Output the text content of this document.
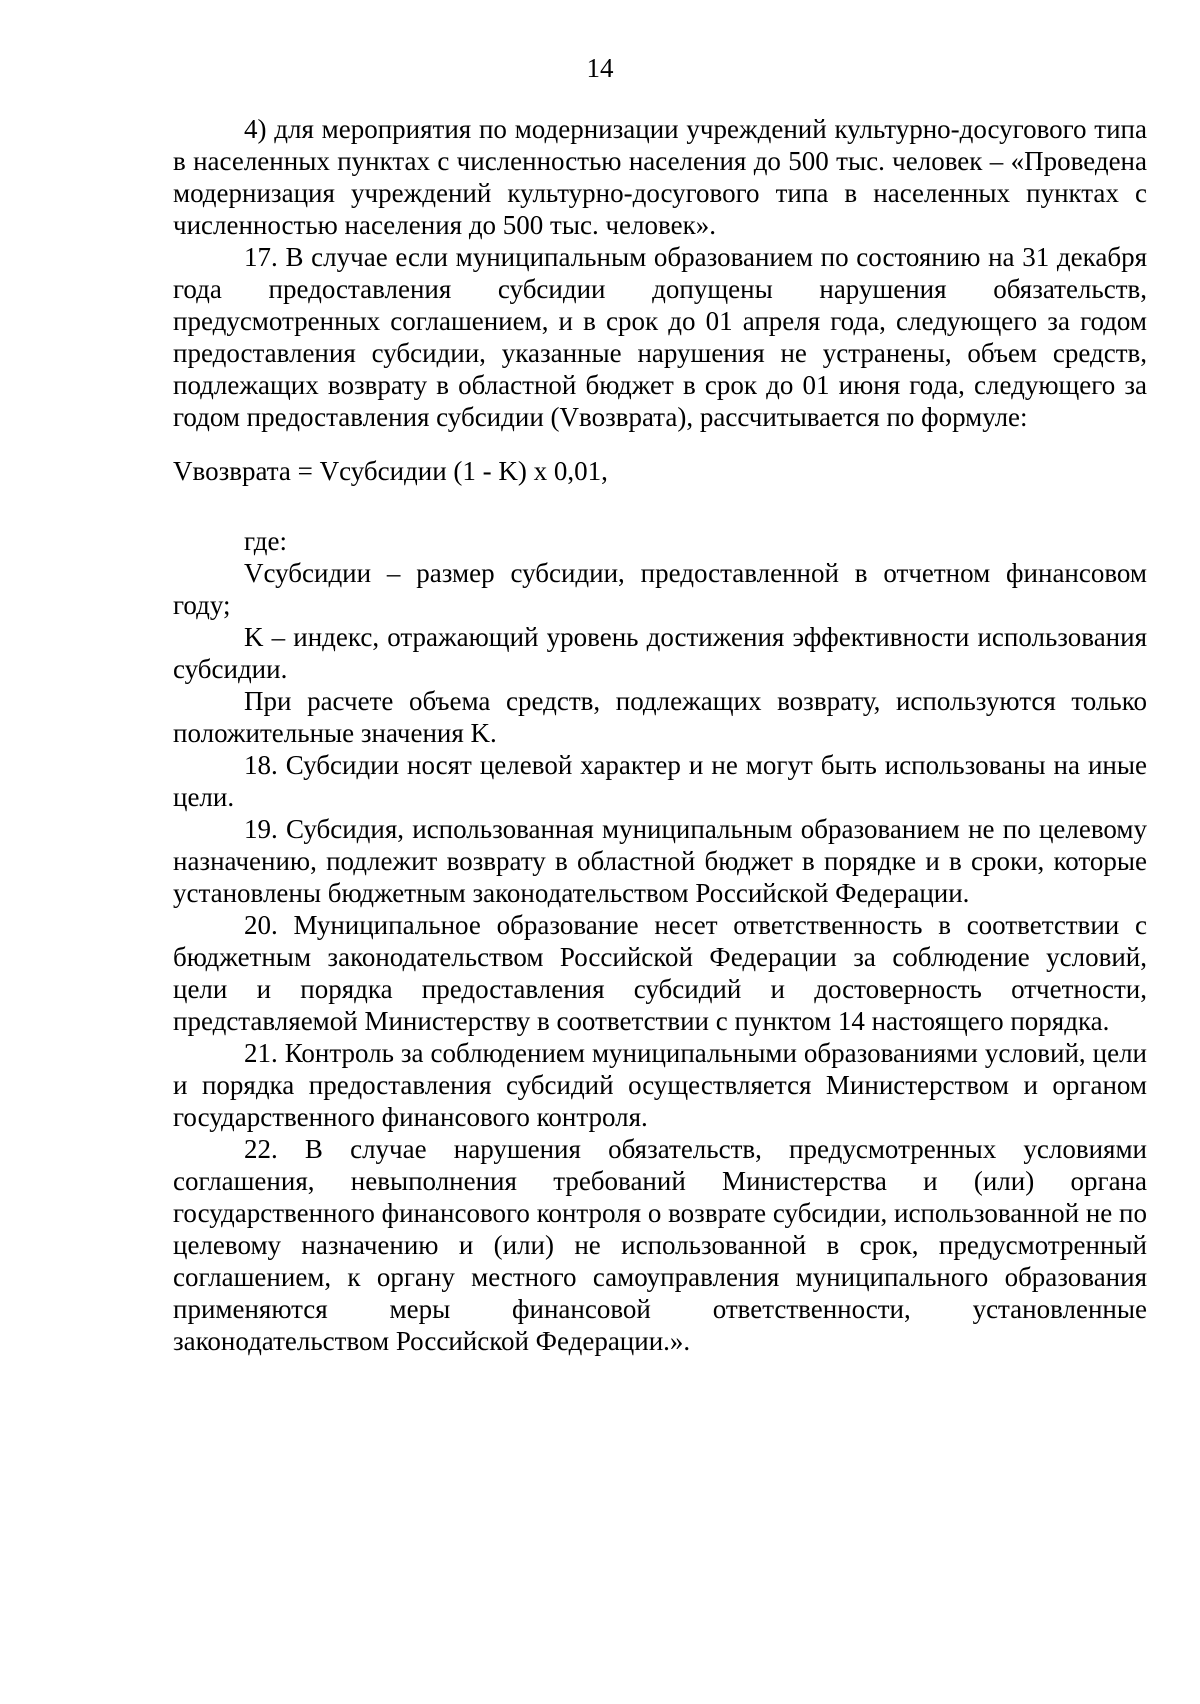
14

4) для мероприятия по модернизации учреждений культурно-досугового типа в населенных пунктах с численностью населения до 500 тыс. человек – «Проведена модернизация учреждений культурно-досугового типа в населенных пунктах с численностью населения до 500 тыс. человек».

17. В случае если муниципальным образованием по состоянию на 31 декабря года предоставления субсидии допущены нарушения обязательств, предусмотренных соглашением, и в срок до 01 апреля года, следующего за годом предоставления субсидии, указанные нарушения не устранены, объем средств, подлежащих возврату в областной бюджет в срок до 01 июня года, следующего за годом предоставления субсидии (Vвозврата), рассчитывается по формуле:

Vвозврата = Vсубсидии (1 - K) x 0,01,

где:

Vсубсидии – размер субсидии, предоставленной в отчетном финансовом году;

K – индекс, отражающий уровень достижения эффективности использования субсидии.

При расчете объема средств, подлежащих возврату, используются только положительные значения K.

18. Субсидии носят целевой характер и не могут быть использованы на иные цели.

19. Субсидия, использованная муниципальным образованием не по целевому назначению, подлежит возврату в областной бюджет в порядке и в сроки, которые установлены бюджетным законодательством Российской Федерации.

20. Муниципальное образование несет ответственность в соответствии с бюджетным законодательством Российской Федерации за соблюдение условий, цели и порядка предоставления субсидий и достоверность отчетности, представляемой Министерству в соответствии с пунктом 14 настоящего порядка.

21. Контроль за соблюдением муниципальными образованиями условий, цели и порядка предоставления субсидий осуществляется Министерством и органом государственного финансового контроля.

22. В случае нарушения обязательств, предусмотренных условиями соглашения, невыполнения требований Министерства и (или) органа государственного финансового контроля о возврате субсидии, использованной не по целевому назначению и (или) не использованной в срок, предусмотренный соглашением, к органу местного самоуправления муниципального образования применяются меры финансовой ответственности, установленные законодательством Российской Федерации.».
